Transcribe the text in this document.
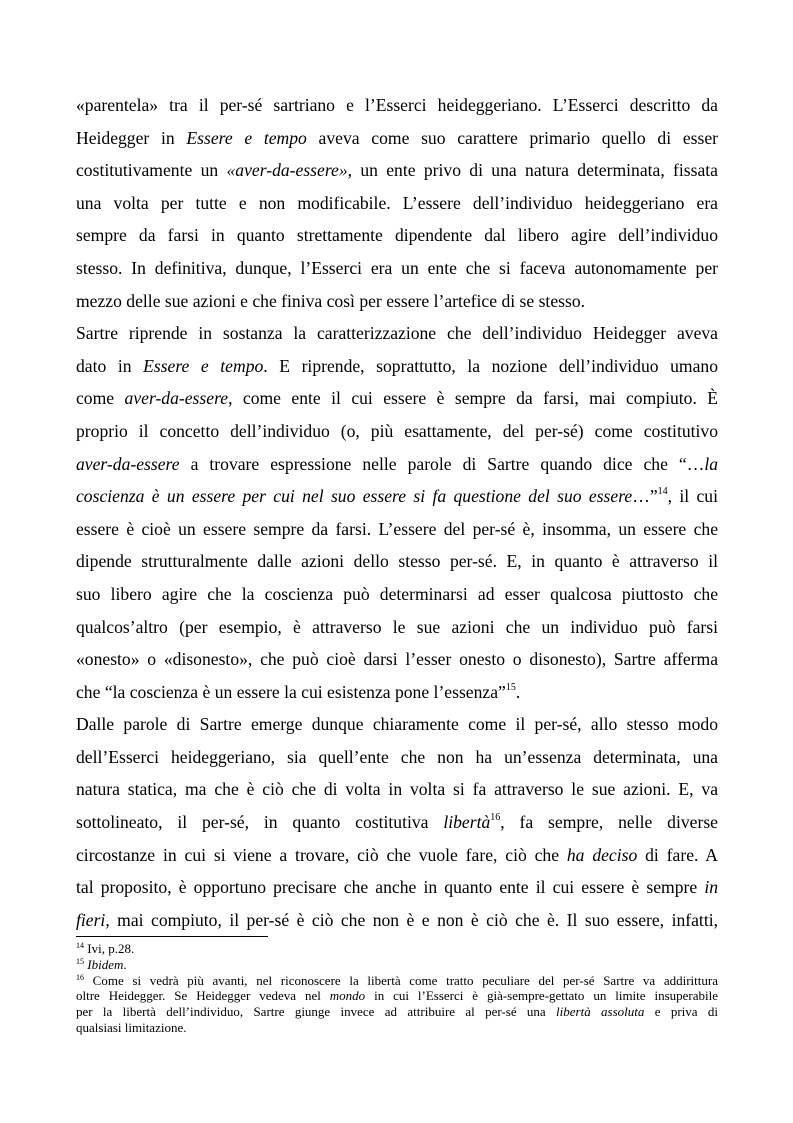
«parentela» tra il per-sé sartriano e l’Esserci heideggeriano. L’Esserci descritto da
Heidegger in Essere e tempo aveva come suo carattere primario quello di esser
costitutivamente un «aver-da-essere», un ente privo di una natura determinata, fissata
una volta per tutte e non modificabile. L’essere dell’individuo heideggeriano era
sempre da farsi in quanto strettamente dipendente dal libero agire dell’individuo
stesso. In definitiva, dunque, l’Esserci era un ente che si faceva autonomamente per
mezzo delle sue azioni e che finiva così per essere l’artefice di se stesso.
Sartre riprende in sostanza la caratterizzazione che dell’individuo Heidegger aveva
dato in Essere e tempo. E riprende, soprattutto, la nozione dell’individuo umano
come aver-da-essere, come ente il cui essere è sempre da farsi, mai compiuto. È
proprio il concetto dell’individuo (o, più esattamente, del per-sé) come costitutivo
aver-da-essere a trovare espressione nelle parole di Sartre quando dice che “…la
coscienza è un essere per cui nel suo essere si fa questione del suo essere…”$^{14}$, il cui
essere è cioè un essere sempre da farsi. L’essere del per-sé è, insomma, un essere che
dipende strutturalmente dalle azioni dello stesso per-sé. E, in quanto è attraverso il
suo libero agire che la coscienza può determinarsi ad esser qualcosa piuttosto che
qualcos’altro (per esempio, è attraverso le sue azioni che un individuo può farsi
«onesto» o «disonesto», che può cioè darsi l’esser onesto o disonesto), Sartre afferma
che “la coscienza è un essere la cui esistenza pone l’essenza”$^{15}$.
Dalle parole di Sartre emerge dunque chiaramente come il per-sé, allo stesso modo
dell’Esserci heideggeriano, sia quell’ente che non ha un’essenza determinata, una
natura statica, ma che è ciò che di volta in volta si fa attraverso le sue azioni. E, va
sottolineato, il per-sé, in quanto costitutiva libertà$^{16}$, fa sempre, nelle diverse
circostanze in cui si viene a trovare, ciò che vuole fare, ciò che ha deciso di fare. A
tal proposito, è opportuno precisare che anche in quanto ente il cui essere è sempre in
fieri, mai compiuto, il per-sé è ciò che non è e non è ciò che è. Il suo essere, infatti,

$^{14}$ Ivi, p.28.

$^{15}$ Ibidem.

$^{16}$ Come si vedrà più avanti, nel riconoscere la libertà come tratto peculiare del per-sé Sartre va addirittura
oltre Heidegger. Se Heidegger vedeva nel mondo in cui l’Esserci è già-sempre-gettato un limite insuperabile
per la libertà dell’individuo, Sartre giunge invece ad attribuire al per-sé una libertà assoluta e priva di
qualsiasi limitazione.
